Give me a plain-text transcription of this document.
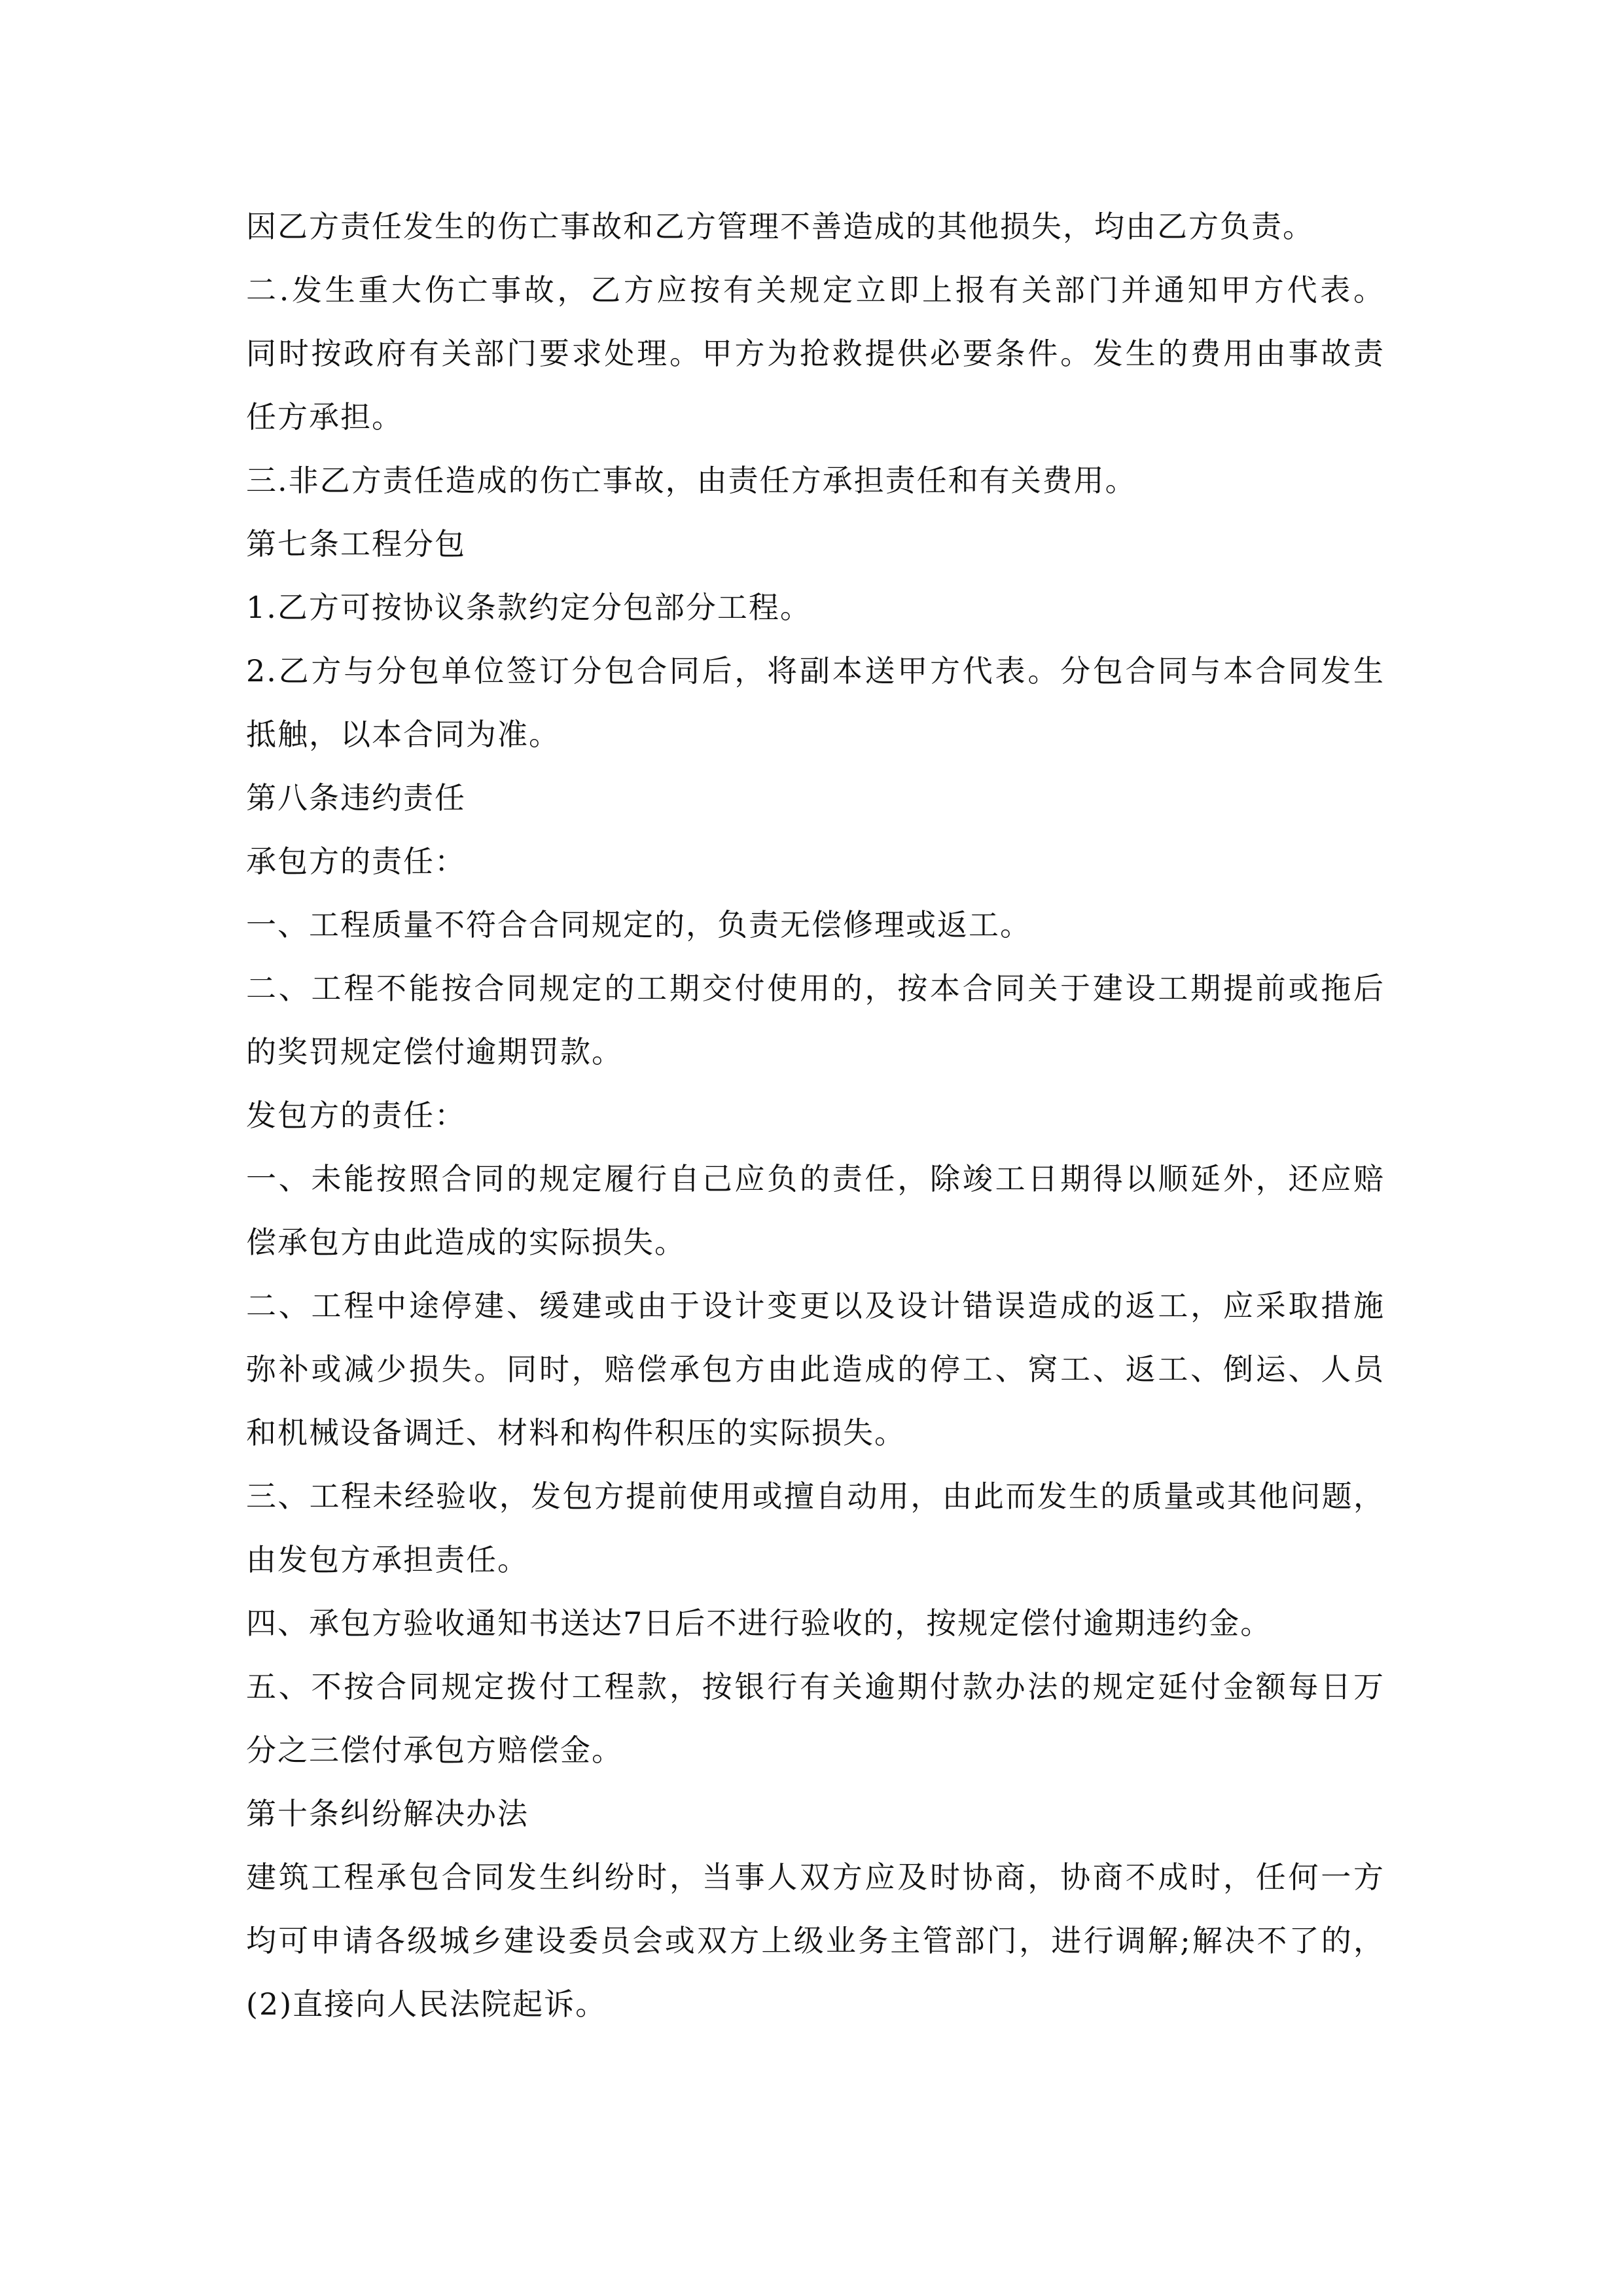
因乙方责任发生的伤亡事故和乙方管理不善造成的其他损失，均由乙方负责。
二.发生重大伤亡事故，乙方应按有关规定立即上报有关部门并通知甲方代表。
同时按政府有关部门要求处理。甲方为抢救提供必要条件。发生的费用由事故责
任方承担。
三.非乙方责任造成的伤亡事故，由责任方承担责任和有关费用。
第七条工程分包
1.乙方可按协议条款约定分包部分工程。
2.乙方与分包单位签订分包合同后，将副本送甲方代表。分包合同与本合同发生
抵触，以本合同为准。
第八条违约责任
承包方的责任：
一、工程质量不符合合同规定的，负责无偿修理或返工。
二、工程不能按合同规定的工期交付使用的，按本合同关于建设工期提前或拖后
的奖罚规定偿付逾期罚款。
发包方的责任：
一、未能按照合同的规定履行自己应负的责任，除竣工日期得以顺延外，还应赔
偿承包方由此造成的实际损失。
二、工程中途停建、缓建或由于设计变更以及设计错误造成的返工，应采取措施
弥补或减少损失。同时，赔偿承包方由此造成的停工、窝工、返工、倒运、人员
和机械设备调迁、材料和构件积压的实际损失。
三、工程未经验收，发包方提前使用或擅自动用，由此而发生的质量或其他问题，
由发包方承担责任。
四、承包方验收通知书送达7日后不进行验收的，按规定偿付逾期违约金。
五、不按合同规定拨付工程款，按银行有关逾期付款办法的规定延付金额每日万
分之三偿付承包方赔偿金。
第十条纠纷解决办法
建筑工程承包合同发生纠纷时，当事人双方应及时协商，协商不成时，任何一方
均可申请各级城乡建设委员会或双方上级业务主管部门，进行调解;解决不了的，
(2)直接向人民法院起诉。
